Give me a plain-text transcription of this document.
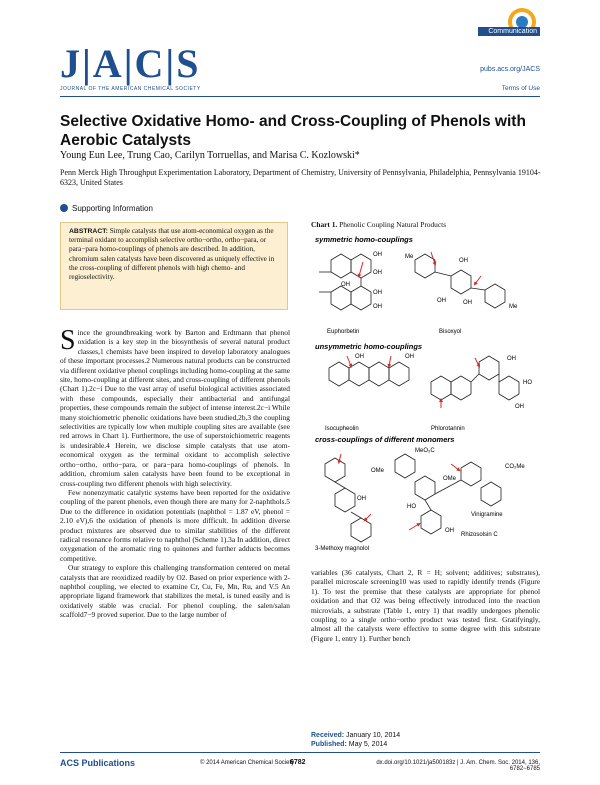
J|A|C|S
JOURNAL OF THE AMERICAN CHEMICAL SOCIETY
Communication
pubs.acs.org/JACS
Terms of Use
Selective Oxidative Homo- and Cross-Coupling of Phenols with Aerobic Catalysts
Young Eun Lee, Trung Cao, Carilyn Torruellas, and Marisa C. Kozlowski*
Penn Merck High Throughput Experimentation Laboratory, Department of Chemistry, University of Pennsylvania, Philadelphia, Pennsylvania 19104-6323, United States
Supporting Information
ABSTRACT: Simple catalysts that use atom-economical oxygen as the terminal oxidant to accomplish selective ortho−ortho, ortho−para, or para−para homo-couplings of phenols are described. In addition, chromium salen catalysts have been discovered as uniquely effective in the cross-coupling of different phenols with high chemo- and regioselectivity.

Since the groundbreaking work by Barton and Erdtmann that phenol oxidation is a key step in the biosynthesis of several natural product classes,1 chemists have been inspired to develop laboratory analogues of these important processes.2 Numerous natural products can be constructed via different oxidative phenol couplings including homo-coupling at the same site, homo-coupling at different sites, and cross-coupling of different phenols (Chart 1).2c−i Due to the vast array of useful biological activities associated with these compounds, especially their antibacterial and antifungal properties, these compounds remain the subject of intense interest.2c−i While many stoichiometric phenolic oxidations have been studied,2b,3 the coupling selectivities are typically low when multiple coupling sites are available (see red arrows in Chart 1). Furthermore, the use of superstoichiometric reagents is undesirable.4 Herein, we disclose simple catalysts that use atom-economical oxygen as the terminal oxidant to accomplish selective ortho−ortho, ortho−para, or para−para homo-couplings of phenols. In addition, chromium salen catalysts have been found to be exceptional in cross-coupling two different phenols with high selectivity.

Few nonenzymatic catalytic systems have been reported for the oxidative coupling of the parent phenols, even though there are many for 2-naphthols.5 Due to the difference in oxidation potentials (naphthol = 1.87 eV, phenol = 2.10 eV),6 the oxidation of phenols is more difficult. In addition diverse product mixtures are observed due to similar stabilities of the different radical resonance forms relative to naphthol (Scheme 1).3a In addition, direct oxygenation of the aromatic ring to quinones and further adducts becomes competitive.

Our strategy to explore this challenging transformation centered on metal catalysts that are reoxidized readily by O2. Based on prior experience with 2-naphthol coupling, we elected to examine Cr, Cu, Fe, Mn, Ru, and V.5 An appropriate ligand framework that stabilizes the metal, is tuned easily and is oxidatively stable was crucial. For phenol coupling, the salen/salan scaffold7−9 proved superior. Due to the large number of

Chart 1. Phenolic Coupling Natural Products
symmetric homo-couplings
unsymmetric homo-couplings
cross-couplings of different monomers
OH
OH
OH
OH
OH
Euphorbetin
Me
OH
OH
Me
OH
Bisoxyol
OH	OH
Isocupheolin
OH
HO
OH
Phlorotannin
OMe
OH
3-Methoxy magnolol
MeO₂C
CO₂Me
OMe
HO
OH
Vinigramine
Rhizosolsin C
variables (36 catalysts, Chart 2, R = H; solvent; additives; substrates), parallel microscale screening10 was used to rapidly identify trends (Figure 1). To test the premise that these catalysts are appropriate for phenol oxidation and that O2 was being effectively introduced into the reaction microvials, a substrate (Table 1, entry 1) that readily undergoes phenolic coupling to a single ortho−ortho product was tested first. Gratifyingly, almost all the catalysts were effective to some degree with this substrate (Figure 1, entry 1). Further bench
Received: January 10, 2014
Published: May 5, 2014
ACS Publications	© 2014 American Chemical Society
6782	dx.doi.org/10.1021/ja500183z | J. Am. Chem. Soc. 2014, 136, 6782−6785
